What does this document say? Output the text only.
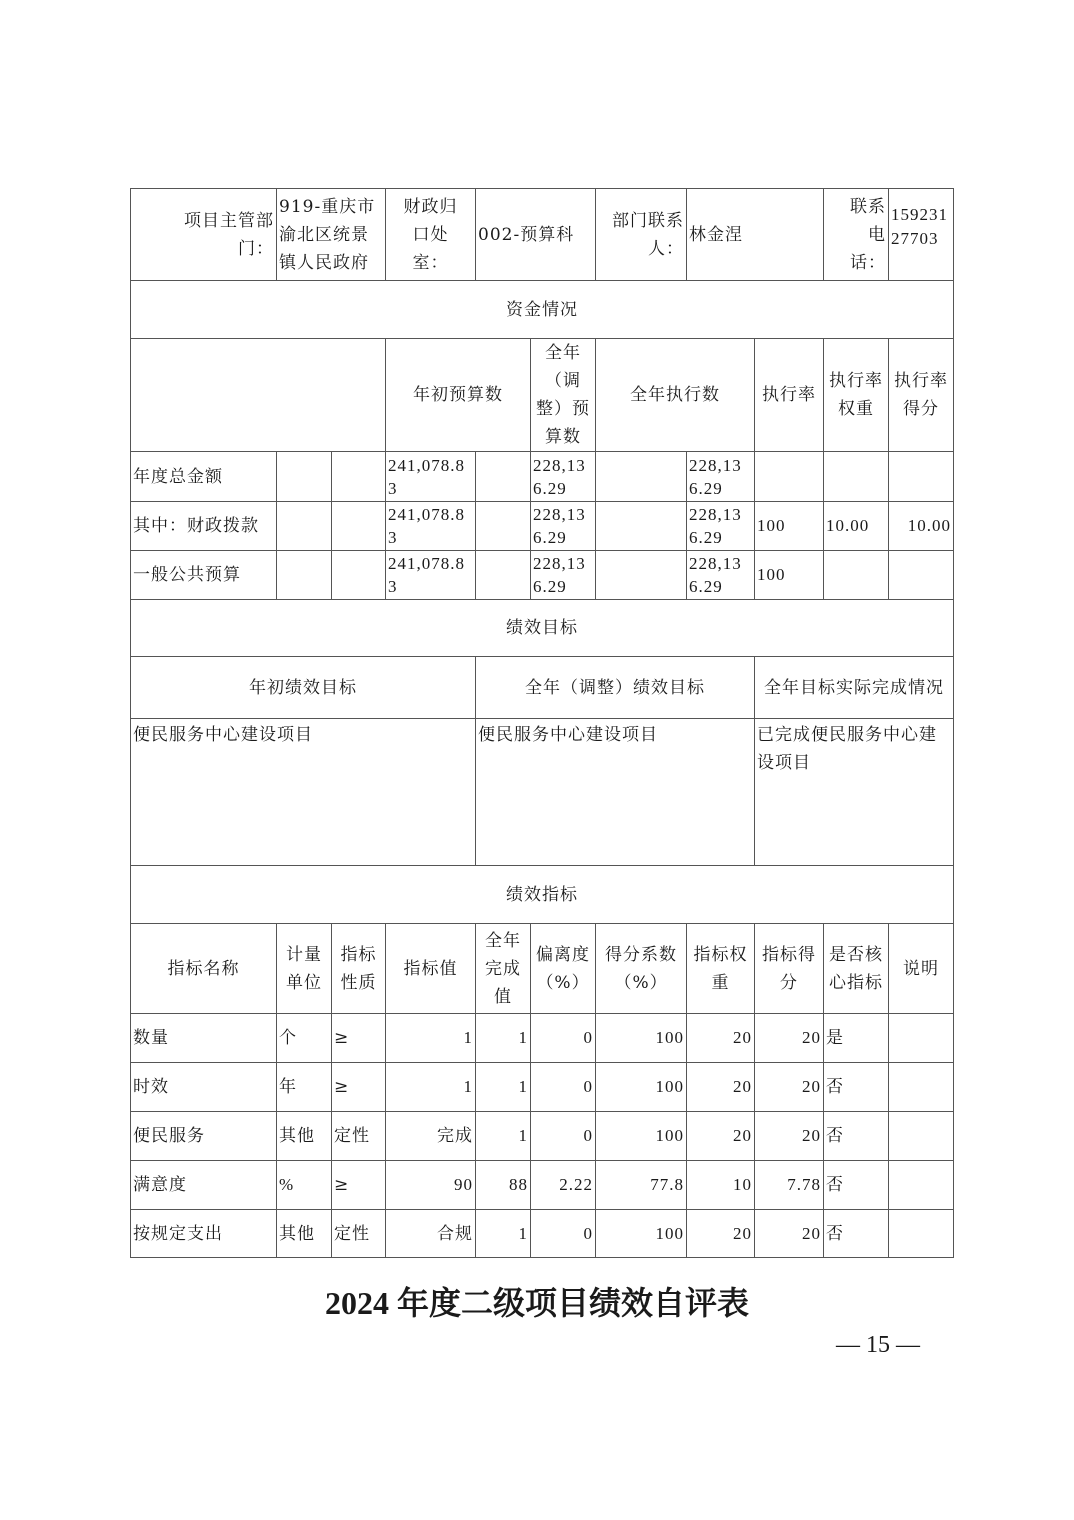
项目主管部门：	919-重庆市渝北区统景镇人民政府		财政归口处室：	002-预算科		部门联系人：	林金涅		联系电话：	15923127703
资金情况										
			年初预算数		全年（调整）预算数	全年执行数		执行率	执行率权重	执行率得分
年度总金额			241,078.83		228,136.29		228,136.29			
其中：财政拨款			241,078.83		228,136.29		228,136.29	100	10.00	10.00
一般公共预算			241,078.83		228,136.29		228,136.29	100		
绩效目标										
年初绩效目标				全年（调整）绩效目标				全年目标实际完成情况		
便民服务中心建设项目				便民服务中心建设项目				已完成便民服务中心建设项目		
绩效指标										
指标名称	计量单位	指标性质	指标值	全年完成值	偏离度（%）	得分系数（%）	指标权重	指标得分	是否核心指标	说明
数量	个	≥	1	1	0	100	20	20	是	
时效	年	≥	1	1	0	100	20	20	否	
便民服务	其他	定性	完成	1	0	100	20	20	否	
满意度	%	≥	90	88	2.22	77.8	10	7.78	否	
按规定支出	其他	定性	合规	1	0	100	20	20	否	
2024 年度二级项目绩效自评表
— 15 —
